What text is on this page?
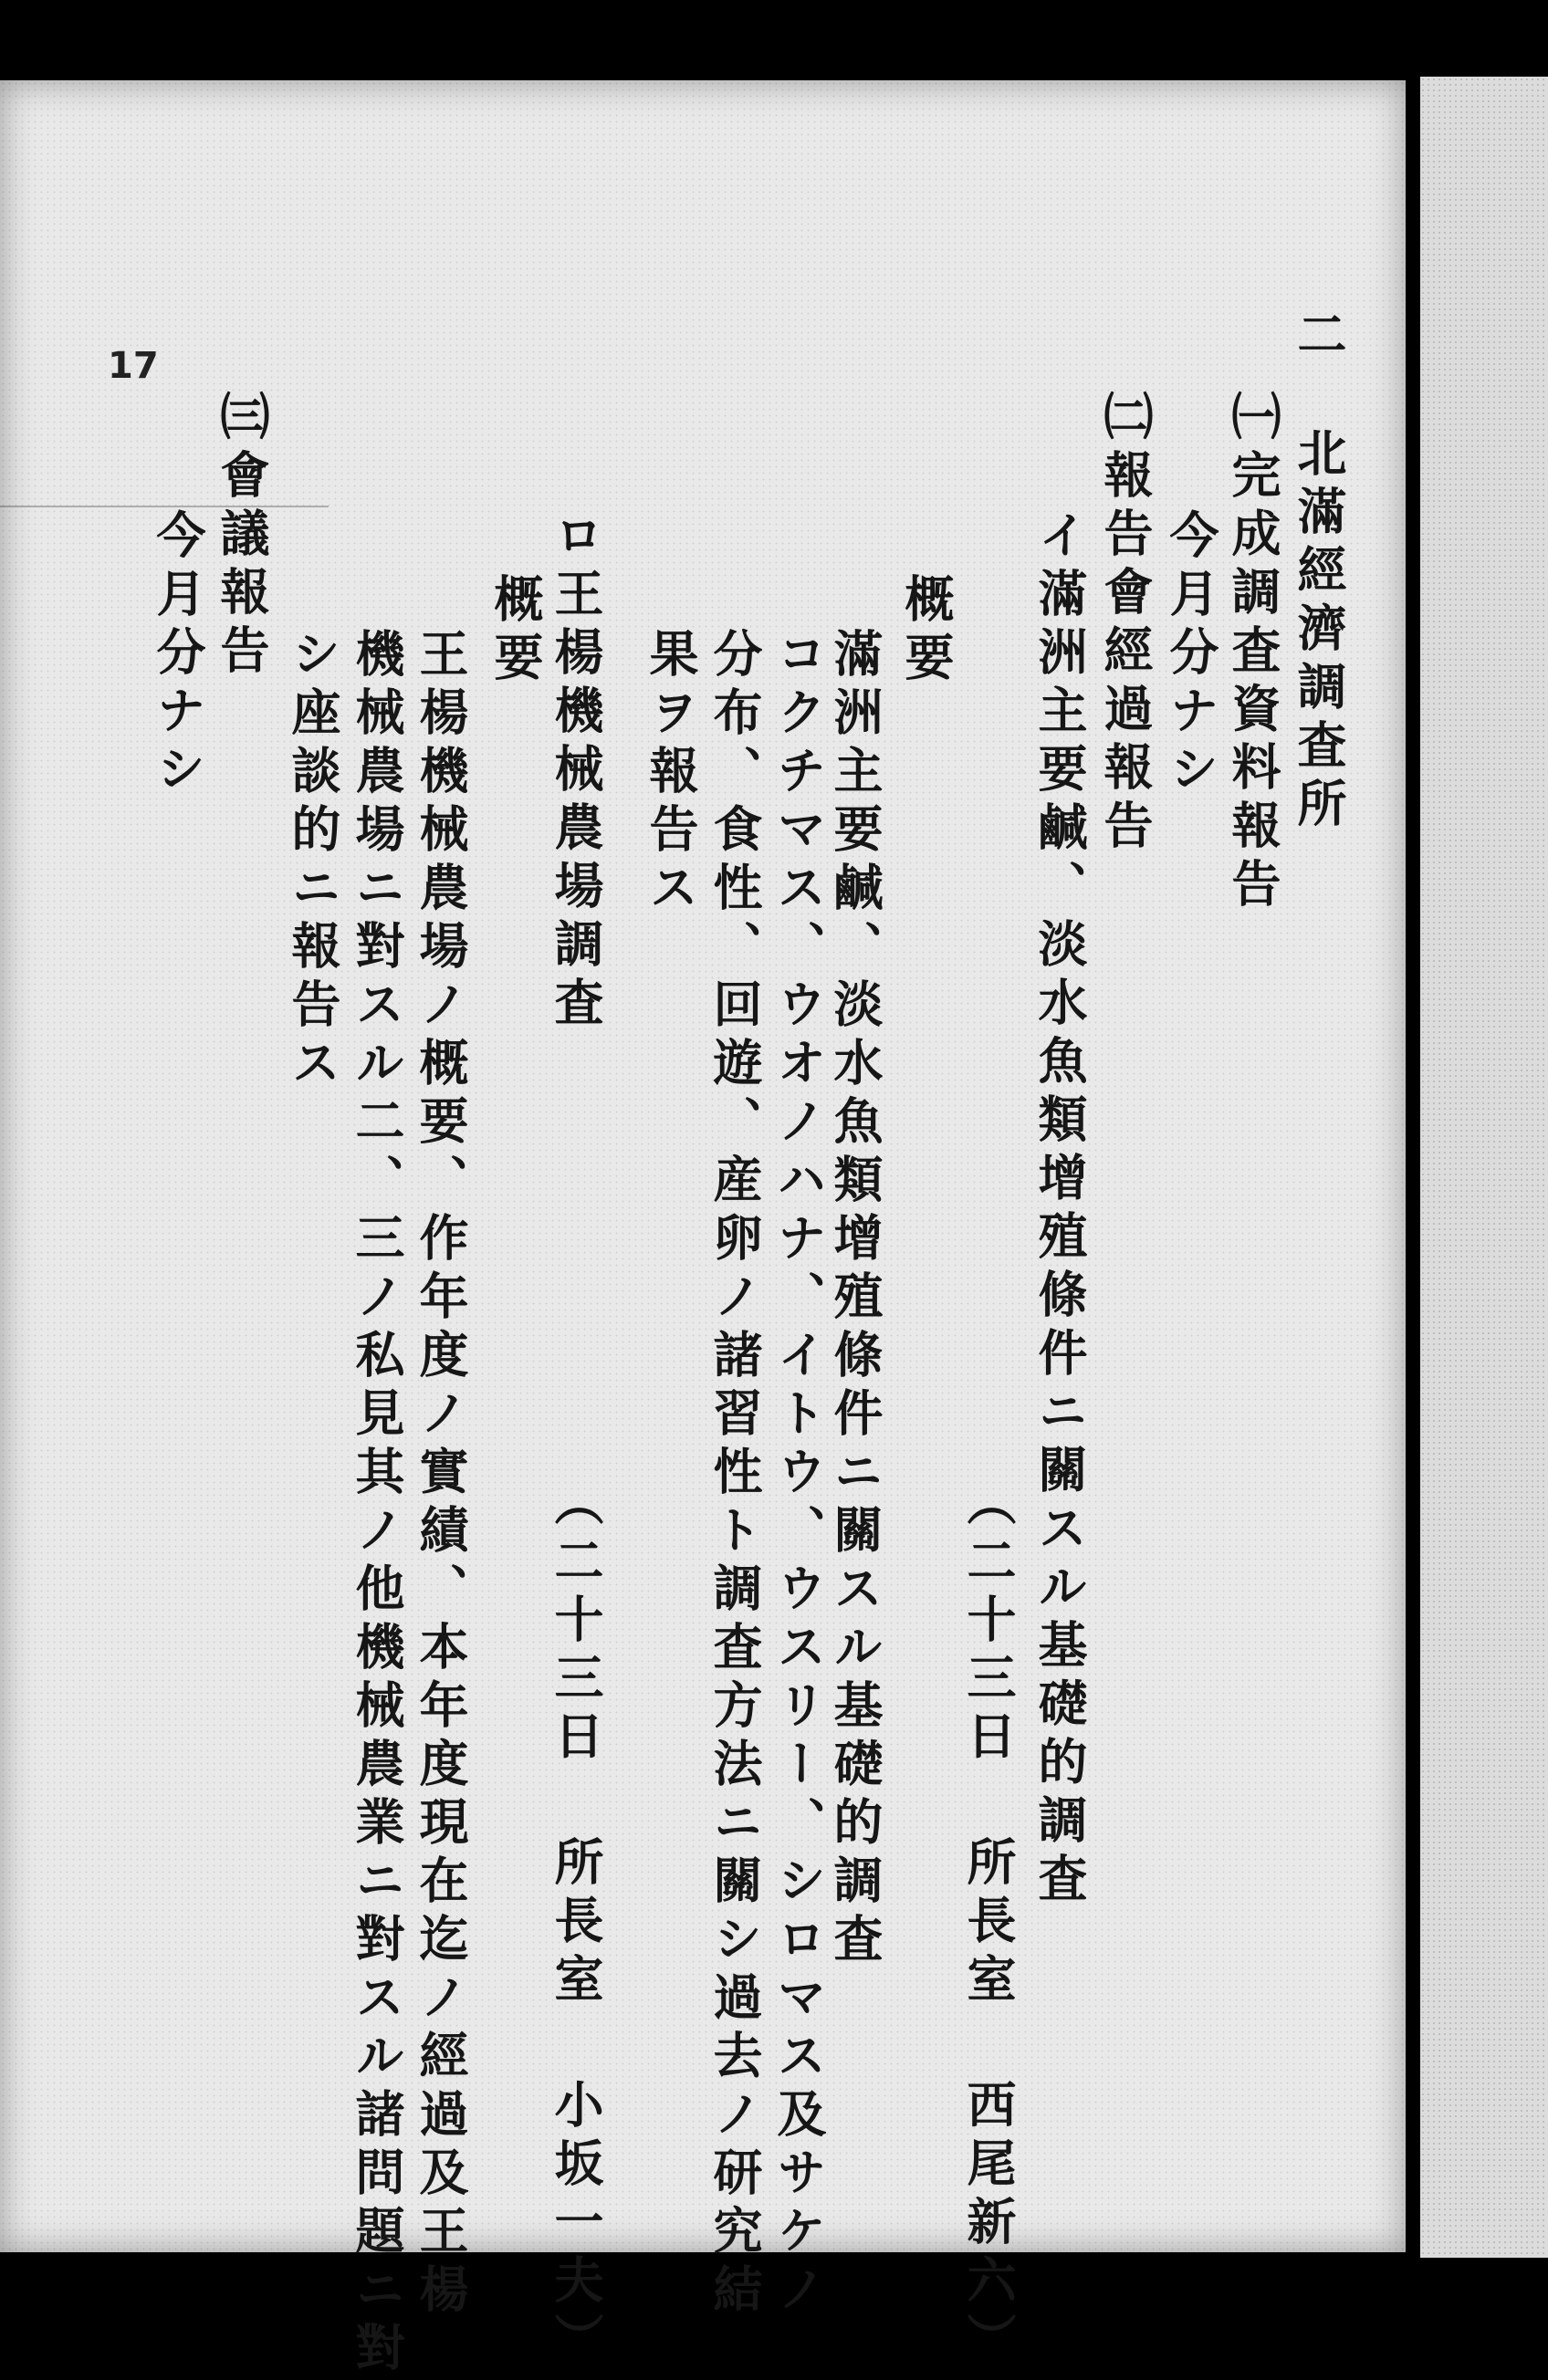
17	二
北滿經濟調査所
㈠完成調査資料報告
今月分ナシ
㈡報告會經過報告
イ滿洲主要鹹、淡水魚類增殖條件ニ關スル基礎的調査
（二十三日 所長室 西尾新六）
概要
滿洲主要鹹、淡水魚類增殖條件ニ關スル基礎的調査
コクチマス、ウオノハナ、イトウ、ウスリー、シロマス及サケノ
分布、食性、回遊、産卵ノ諸習性ト調査方法ニ關シ過去ノ研究結
果ヲ報告ス
ロ王楊機械農場調査
（二十三日 所長室 小坂一夫）
概要
王楊機械農場ノ概要、作年度ノ實績、本年度現在迄ノ經過及王楊
機械農場ニ對スル二、三ノ私見其ノ他機械農業ニ對スル諸問題ニ對
シ座談的ニ報告ス
㈢會議報告
今月分ナシ
